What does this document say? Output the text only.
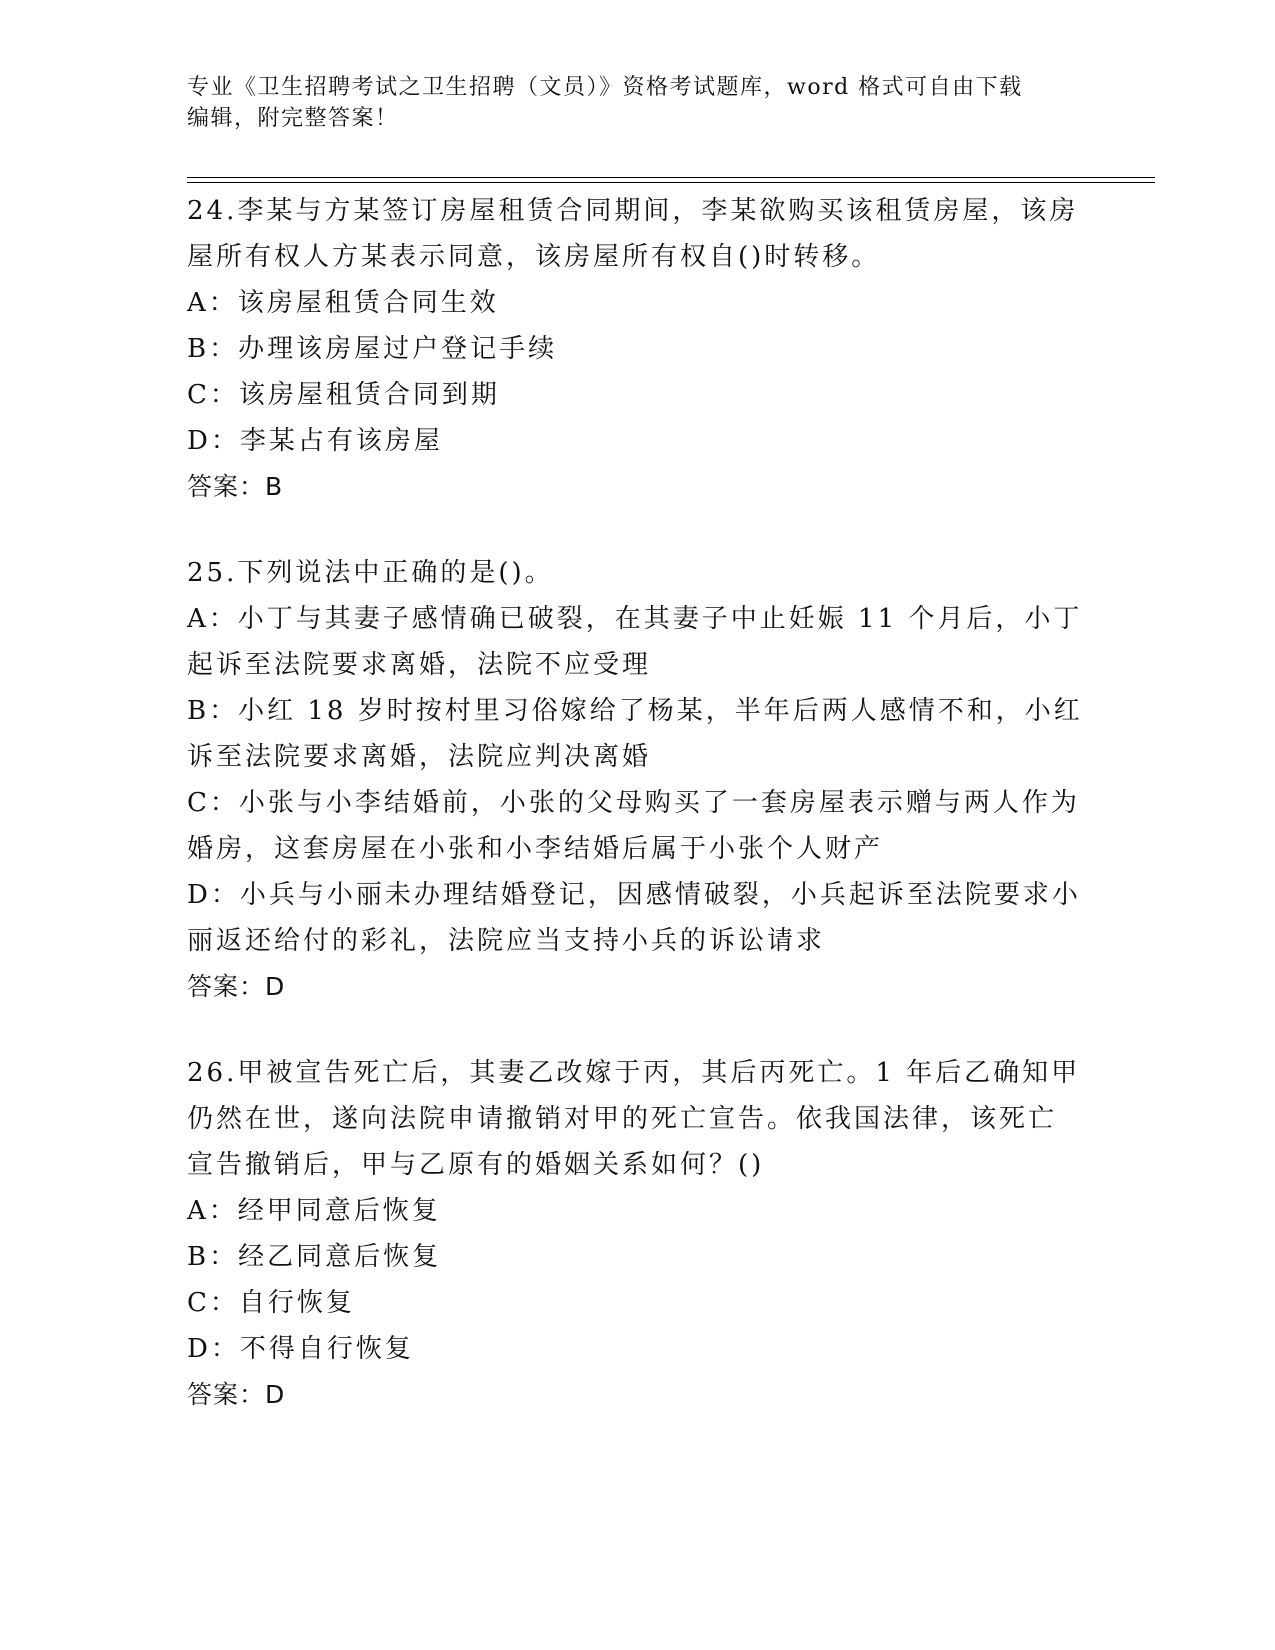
专业《卫生招聘考试之卫生招聘（文员）》资格考试题库，word 格式可自由下载
编辑，附完整答案！
24.李某与方某签订房屋租赁合同期间，李某欲购买该租赁房屋，该房
屋所有权人方某表示同意，该房屋所有权自()时转移。
A：该房屋租赁合同生效
B：办理该房屋过户登记手续
C：该房屋租赁合同到期
D：李某占有该房屋
答案：B
25.下列说法中正确的是()。
A：小丁与其妻子感情确已破裂，在其妻子中止妊娠 11 个月后，小丁
起诉至法院要求离婚，法院不应受理
B：小红 18 岁时按村里习俗嫁给了杨某，半年后两人感情不和，小红
诉至法院要求离婚，法院应判决离婚
C：小张与小李结婚前，小张的父母购买了一套房屋表示赠与两人作为
婚房，这套房屋在小张和小李结婚后属于小张个人财产
D：小兵与小丽未办理结婚登记，因感情破裂，小兵起诉至法院要求小
丽返还给付的彩礼，法院应当支持小兵的诉讼请求
答案：D
26.甲被宣告死亡后，其妻乙改嫁于丙，其后丙死亡。1 年后乙确知甲
仍然在世，遂向法院申请撤销对甲的死亡宣告。依我国法律，该死亡
宣告撤销后，甲与乙原有的婚姻关系如何？()
A：经甲同意后恢复
B：经乙同意后恢复
C：自行恢复
D：不得自行恢复
答案：D
